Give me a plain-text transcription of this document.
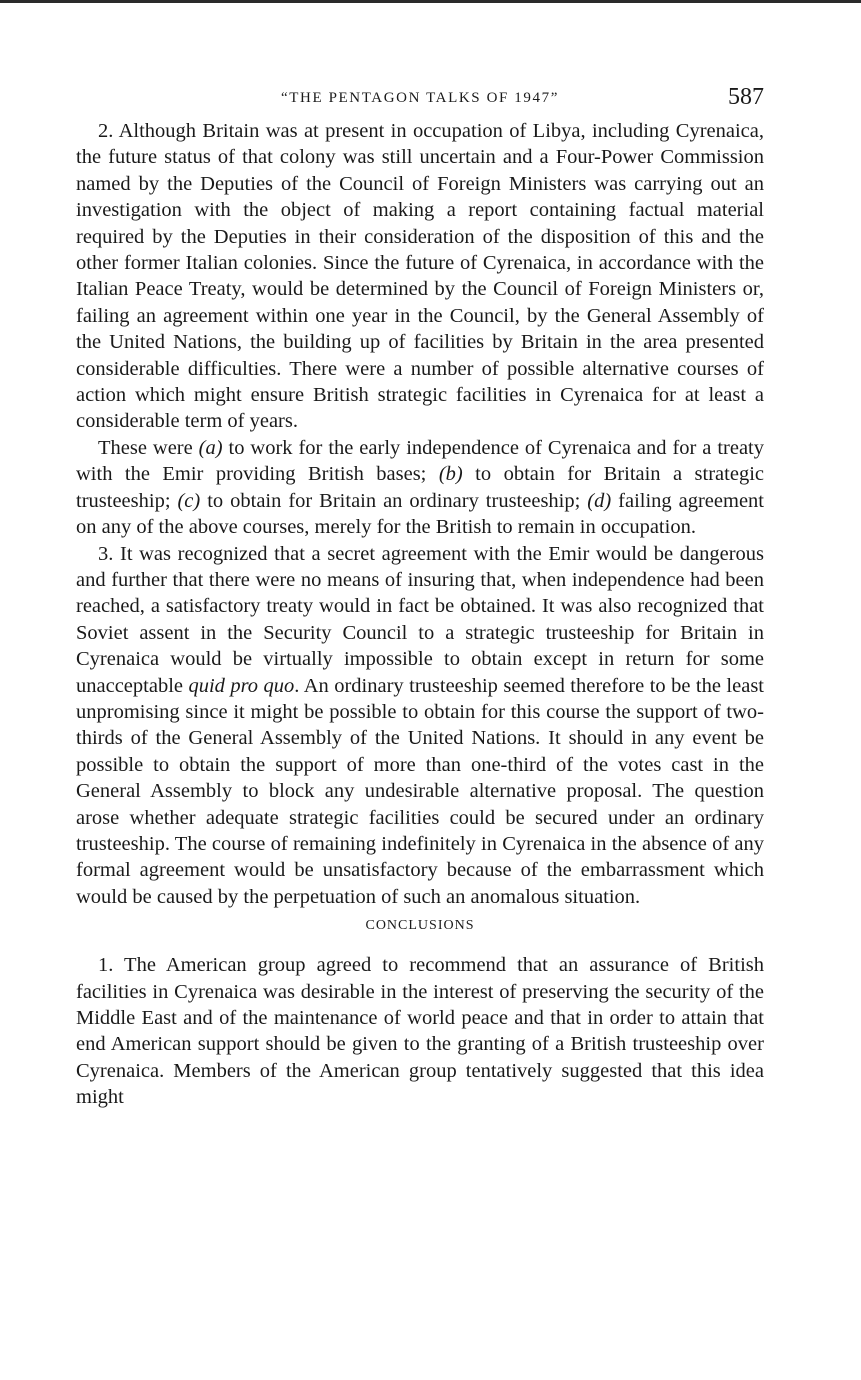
“THE PENTAGON TALKS OF 1947”	587

2. Although Britain was at present in occupation of Libya, including Cyrenaica, the future status of that colony was still uncertain and a Four-Power Commission named by the Deputies of the Council of Foreign Ministers was carrying out an investigation with the object of making a report containing factual material required by the Deputies in their consideration of the disposition of this and the other former Italian colonies. Since the future of Cyrenaica, in accordance with the Italian Peace Treaty, would be determined by the Council of Foreign Ministers or, failing an agreement within one year in the Council, by the General Assembly of the United Nations, the building up of facilities by Britain in the area presented considerable difficulties. There were a number of possible alternative courses of action which might ensure British strategic facilities in Cyrenaica for at least a considerable term of years.

These were (a) to work for the early independence of Cyrenaica and for a treaty with the Emir providing British bases; (b) to obtain for Britain a strategic trusteeship; (c) to obtain for Britain an ordinary trusteeship; (d) failing agreement on any of the above courses, merely for the British to remain in occupation.

3. It was recognized that a secret agreement with the Emir would be dangerous and further that there were no means of insuring that, when independence had been reached, a satisfactory treaty would in fact be obtained. It was also recognized that Soviet assent in the Security Council to a strategic trusteeship for Britain in Cyrenaica would be virtually impossible to obtain except in return for some unacceptable quid pro quo. An ordinary trusteeship seemed therefore to be the least unpromising since it might be possible to obtain for this course the support of two-thirds of the General Assembly of the United Nations. It should in any event be possible to obtain the support of more than one-third of the votes cast in the General Assembly to block any undesirable alternative proposal. The question arose whether adequate strategic facilities could be secured under an ordinary trusteeship. The course of remaining indefinitely in Cyrenaica in the absence of any formal agreement would be unsatisfactory because of the embarrassment which would be caused by the perpetuation of such an anomalous situation.

CONCLUSIONS

1. The American group agreed to recommend that an assurance of British facilities in Cyrenaica was desirable in the interest of preserving the security of the Middle East and of the maintenance of world peace and that in order to attain that end American support should be given to the granting of a British trusteeship over Cyrenaica. Members of the American group tentatively suggested that this idea might
